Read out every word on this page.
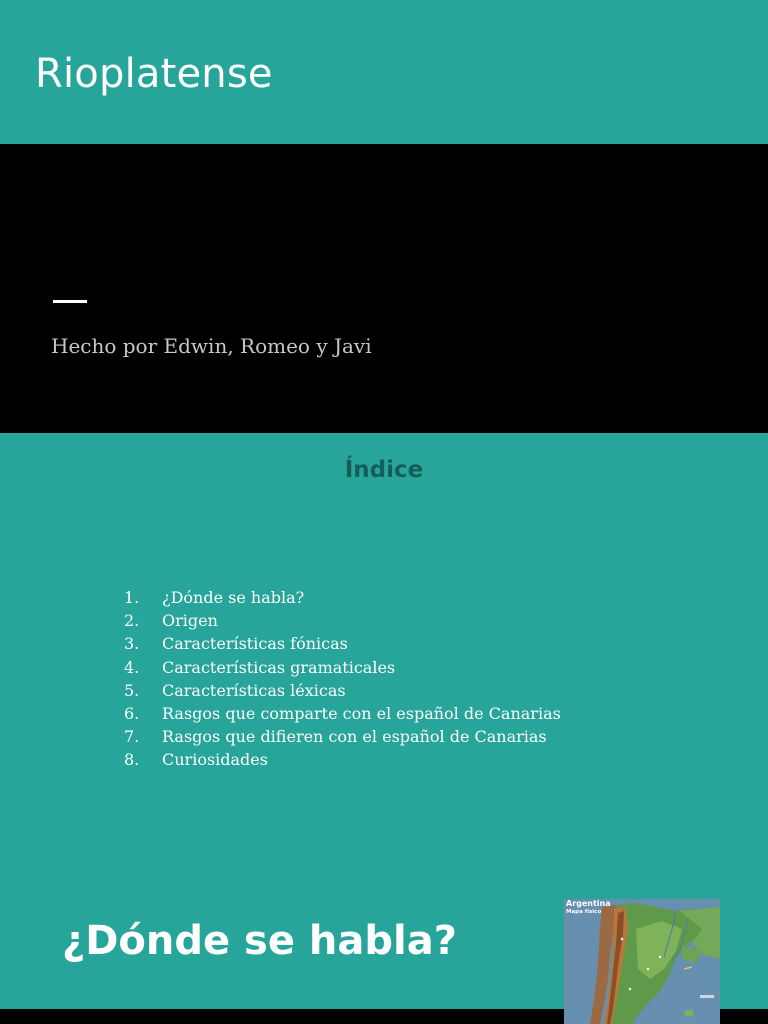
Rioplatense

Hecho por Edwin, Romeo y Javi

Índice
1.	¿Dónde se habla?
2.	Origen
3.	Características fónicas
4.	Características gramaticales
5.	Características léxicas
6.	Rasgos que comparte con el español de Canarias
7.	Rasgos que difieren con el español de Canarias
8.	Curiosidades
¿Dónde se habla?

Argentina

Mapa físico
